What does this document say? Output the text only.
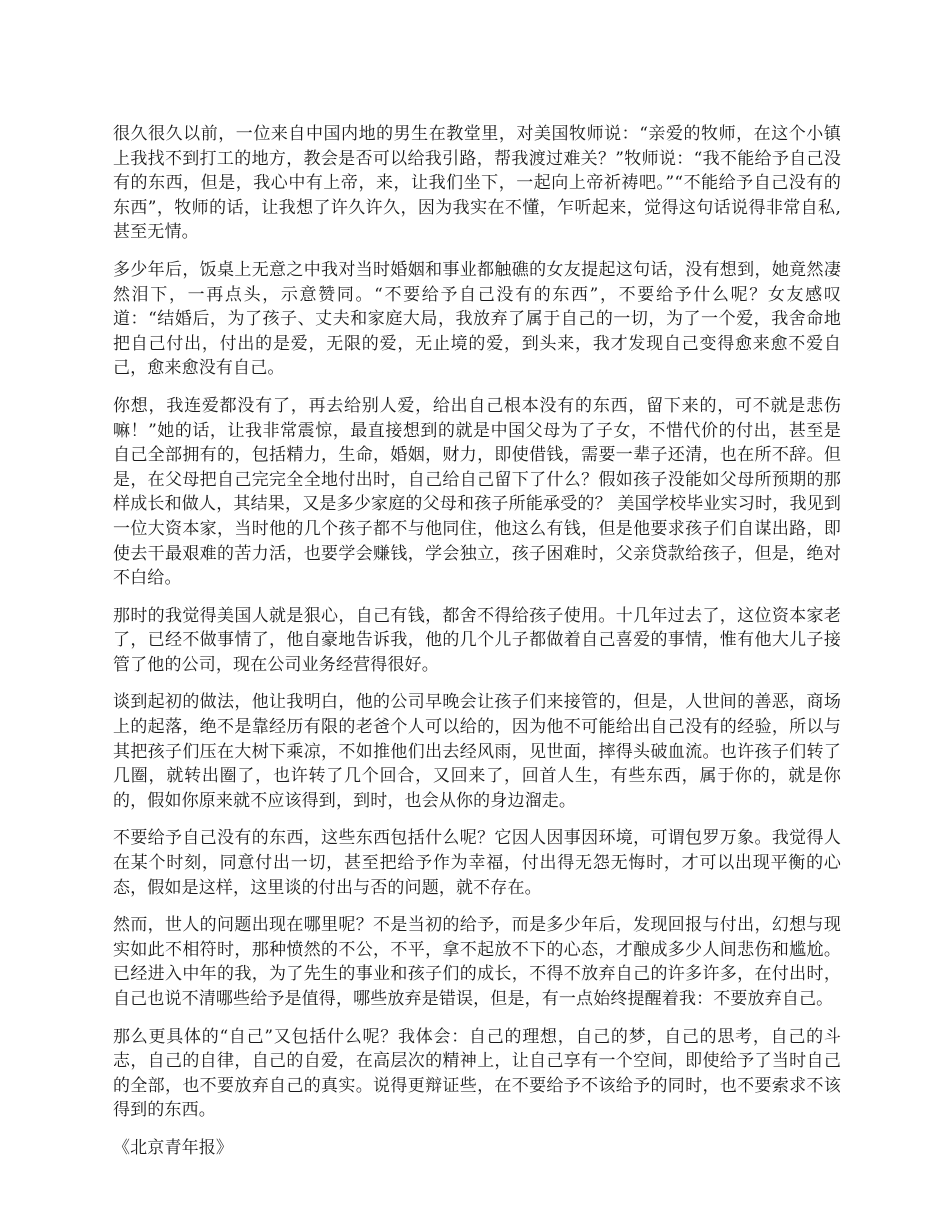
很久很久以前，一位来自中国内地的男生在教堂里，对美国牧师说：“亲爱的牧师，在这个小镇上我找不到打工的地方，教会是否可以给我引路，帮我渡过难关？”牧师说：“我不能给予自己没有的东西，但是，我心中有上帝，来，让我们坐下，一起向上帝祈祷吧。”“不能给予自己没有的东西”，牧师的话，让我想了许久许久，因为我实在不懂，乍听起来，觉得这句话说得非常自私,甚至无情。

多少年后，饭桌上无意之中我对当时婚姻和事业都触礁的女友提起这句话，没有想到，她竟然凄然泪下，一再点头，示意赞同。“不要给予自己没有的东西”，不要给予什么呢？女友感叹道：“结婚后，为了孩子、丈夫和家庭大局，我放弃了属于自己的一切，为了一个爱，我舍命地把自己付出，付出的是爱，无限的爱，无止境的爱，到头来，我才发现自己变得愈来愈不爱自己，愈来愈没有自己。

你想，我连爱都没有了，再去给别人爱，给出自己根本没有的东西，留下来的，可不就是悲伤嘛！”她的话，让我非常震惊，最直接想到的就是中国父母为了子女，不惜代价的付出，甚至是自己全部拥有的，包括精力，生命，婚姻，财力，即使借钱，需要一辈子还清，也在所不辞。但是，在父母把自己完完全全地付出时，自己给自己留下了什么？假如孩子没能如父母所预期的那样成长和做人，其结果，又是多少家庭的父母和孩子所能承受的？ 美国学校毕业实习时，我见到一位大资本家，当时他的几个孩子都不与他同住，他这么有钱，但是他要求孩子们自谋出路，即使去干最艰难的苦力活，也要学会赚钱，学会独立，孩子困难时，父亲贷款给孩子，但是，绝对不白给。

那时的我觉得美国人就是狠心，自己有钱，都舍不得给孩子使用。十几年过去了，这位资本家老了，已经不做事情了，他自豪地告诉我，他的几个儿子都做着自己喜爱的事情，惟有他大儿子接管了他的公司，现在公司业务经营得很好。

谈到起初的做法，他让我明白，他的公司早晚会让孩子们来接管的，但是，人世间的善恶，商场上的起落，绝不是靠经历有限的老爸个人可以给的，因为他不可能给出自己没有的经验，所以与其把孩子们压在大树下乘凉，不如推他们出去经风雨，见世面，摔得头破血流。也许孩子们转了几圈，就转出圈了，也许转了几个回合，又回来了，回首人生，有些东西，属于你的，就是你的，假如你原来就不应该得到，到时，也会从你的身边溜走。

不要给予自己没有的东西，这些东西包括什么呢？它因人因事因环境，可谓包罗万象。我觉得人在某个时刻，同意付出一切，甚至把给予作为幸福，付出得无怨无悔时，才可以出现平衡的心态，假如是这样，这里谈的付出与否的问题，就不存在。

然而，世人的问题出现在哪里呢？不是当初的给予，而是多少年后，发现回报与付出，幻想与现实如此不相符时，那种愤然的不公，不平，拿不起放不下的心态，才酿成多少人间悲伤和尴尬。 已经进入中年的我，为了先生的事业和孩子们的成长，不得不放弃自己的许多许多，在付出时，自己也说不清哪些给予是值得，哪些放弃是错误，但是，有一点始终提醒着我：不要放弃自己。

那么更具体的“自己”又包括什么呢？我体会：自己的理想，自己的梦，自己的思考，自己的斗志，自己的自律，自己的自爱，在高层次的精神上，让自己享有一个空间，即使给予了当时自己的全部，也不要放弃自己的真实。说得更辩证些，在不要给予不该给予的同时，也不要索求不该得到的东西。

《北京青年报》
